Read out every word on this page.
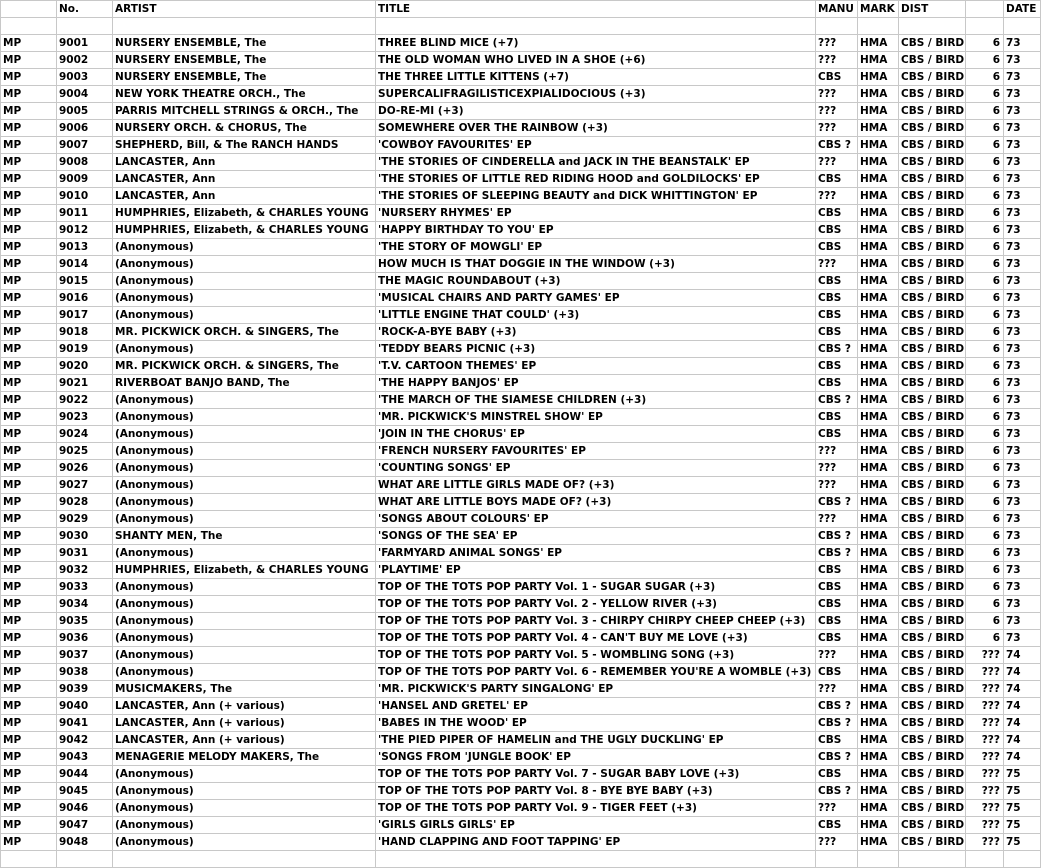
	No.	ARTIST	TITLE	MANU	MARK	DIST		DATE

MP	9001	NURSERY ENSEMBLE, The	THREE BLIND MICE (+7)	???	HMA	CBS / BIRD	6	73
MP	9002	NURSERY ENSEMBLE, The	THE OLD WOMAN WHO LIVED IN A SHOE (+6)	???	HMA	CBS / BIRD	6	73
MP	9003	NURSERY ENSEMBLE, The	THE THREE LITTLE KITTENS (+7)	CBS	HMA	CBS / BIRD	6	73
MP	9004	NEW YORK THEATRE ORCH., The	SUPERCALIFRAGILISTICEXPIALIDOCIOUS (+3)	???	HMA	CBS / BIRD	6	73
MP	9005	PARRIS MITCHELL STRINGS & ORCH., The	DO-RE-MI (+3)	???	HMA	CBS / BIRD	6	73
MP	9006	NURSERY ORCH. & CHORUS, The	SOMEWHERE OVER THE RAINBOW (+3)	???	HMA	CBS / BIRD	6	73
MP	9007	SHEPHERD, Bill, & The RANCH HANDS	'COWBOY FAVOURITES' EP	CBS ?	HMA	CBS / BIRD	6	73
MP	9008	LANCASTER, Ann	'THE STORIES OF CINDERELLA and JACK IN THE BEANSTALK' EP	???	HMA	CBS / BIRD	6	73
MP	9009	LANCASTER, Ann	'THE STORIES OF LITTLE RED RIDING HOOD and GOLDILOCKS' EP	CBS	HMA	CBS / BIRD	6	73
MP	9010	LANCASTER, Ann	'THE STORIES OF SLEEPING BEAUTY and DICK WHITTINGTON' EP	???	HMA	CBS / BIRD	6	73
MP	9011	HUMPHRIES, Elizabeth, & CHARLES YOUNG	'NURSERY RHYMES' EP	CBS	HMA	CBS / BIRD	6	73
MP	9012	HUMPHRIES, Elizabeth, & CHARLES YOUNG	'HAPPY BIRTHDAY TO YOU' EP	CBS	HMA	CBS / BIRD	6	73
MP	9013	(Anonymous)	'THE STORY OF MOWGLI' EP	CBS	HMA	CBS / BIRD	6	73
MP	9014	(Anonymous)	HOW MUCH IS THAT DOGGIE IN THE WINDOW (+3)	???	HMA	CBS / BIRD	6	73
MP	9015	(Anonymous)	THE MAGIC ROUNDABOUT (+3)	CBS	HMA	CBS / BIRD	6	73
MP	9016	(Anonymous)	'MUSICAL CHAIRS AND PARTY GAMES' EP	CBS	HMA	CBS / BIRD	6	73
MP	9017	(Anonymous)	'LITTLE ENGINE THAT COULD' (+3)	CBS	HMA	CBS / BIRD	6	73
MP	9018	MR. PICKWICK ORCH. & SINGERS, The	'ROCK-A-BYE BABY (+3)	CBS	HMA	CBS / BIRD	6	73
MP	9019	(Anonymous)	'TEDDY BEARS PICNIC (+3)	CBS ?	HMA	CBS / BIRD	6	73
MP	9020	MR. PICKWICK ORCH. & SINGERS, The	'T.V. CARTOON THEMES' EP	CBS	HMA	CBS / BIRD	6	73
MP	9021	RIVERBOAT BANJO BAND, The	'THE HAPPY BANJOS' EP	CBS	HMA	CBS / BIRD	6	73
MP	9022	(Anonymous)	'THE MARCH OF THE SIAMESE CHILDREN (+3)	CBS ?	HMA	CBS / BIRD	6	73
MP	9023	(Anonymous)	'MR. PICKWICK'S MINSTREL SHOW' EP	CBS	HMA	CBS / BIRD	6	73
MP	9024	(Anonymous)	'JOIN IN THE CHORUS' EP	CBS	HMA	CBS / BIRD	6	73
MP	9025	(Anonymous)	'FRENCH NURSERY FAVOURITES' EP	???	HMA	CBS / BIRD	6	73
MP	9026	(Anonymous)	'COUNTING SONGS' EP	???	HMA	CBS / BIRD	6	73
MP	9027	(Anonymous)	WHAT ARE LITTLE GIRLS MADE OF? (+3)	???	HMA	CBS / BIRD	6	73
MP	9028	(Anonymous)	WHAT ARE LITTLE BOYS MADE OF? (+3)	CBS ?	HMA	CBS / BIRD	6	73
MP	9029	(Anonymous)	'SONGS ABOUT COLOURS' EP	???	HMA	CBS / BIRD	6	73
MP	9030	SHANTY MEN, The	'SONGS OF THE SEA' EP	CBS ?	HMA	CBS / BIRD	6	73
MP	9031	(Anonymous)	'FARMYARD ANIMAL SONGS' EP	CBS ?	HMA	CBS / BIRD	6	73
MP	9032	HUMPHRIES, Elizabeth, & CHARLES YOUNG	'PLAYTIME' EP	CBS	HMA	CBS / BIRD	6	73
MP	9033	(Anonymous)	TOP OF THE TOTS POP PARTY Vol. 1 - SUGAR SUGAR (+3)	CBS	HMA	CBS / BIRD	6	73
MP	9034	(Anonymous)	TOP OF THE TOTS POP PARTY Vol. 2 - YELLOW RIVER (+3)	CBS	HMA	CBS / BIRD	6	73
MP	9035	(Anonymous)	TOP OF THE TOTS POP PARTY Vol. 3 - CHIRPY CHIRPY CHEEP CHEEP (+3)	CBS	HMA	CBS / BIRD	6	73
MP	9036	(Anonymous)	TOP OF THE TOTS POP PARTY Vol. 4 - CAN'T BUY ME LOVE (+3)	CBS	HMA	CBS / BIRD	6	73
MP	9037	(Anonymous)	TOP OF THE TOTS POP PARTY Vol. 5 - WOMBLING SONG (+3)	???	HMA	CBS / BIRD	???	74
MP	9038	(Anonymous)	TOP OF THE TOTS POP PARTY Vol. 6 - REMEMBER YOU'RE A WOMBLE (+3)	CBS	HMA	CBS / BIRD	???	74
MP	9039	MUSICMAKERS, The	'MR. PICKWICK'S PARTY SINGALONG' EP	???	HMA	CBS / BIRD	???	74
MP	9040	LANCASTER, Ann (+ various)	'HANSEL AND GRETEL' EP	CBS ?	HMA	CBS / BIRD	???	74
MP	9041	LANCASTER, Ann (+ various)	'BABES IN THE WOOD' EP	CBS ?	HMA	CBS / BIRD	???	74
MP	9042	LANCASTER, Ann (+ various)	'THE PIED PIPER OF HAMELIN and THE UGLY DUCKLING' EP	CBS	HMA	CBS / BIRD	???	74
MP	9043	MENAGERIE MELODY MAKERS, The	'SONGS FROM 'JUNGLE BOOK' EP	CBS ?	HMA	CBS / BIRD	???	74
MP	9044	(Anonymous)	TOP OF THE TOTS POP PARTY Vol. 7 - SUGAR BABY LOVE (+3)	CBS	HMA	CBS / BIRD	???	75
MP	9045	(Anonymous)	TOP OF THE TOTS POP PARTY Vol. 8 - BYE BYE BABY (+3)	CBS ?	HMA	CBS / BIRD	???	75
MP	9046	(Anonymous)	TOP OF THE TOTS POP PARTY Vol. 9 - TIGER FEET (+3)	???	HMA	CBS / BIRD	???	75
MP	9047	(Anonymous)	'GIRLS GIRLS GIRLS' EP	CBS	HMA	CBS / BIRD	???	75
MP	9048	(Anonymous)	'HAND CLAPPING AND FOOT TAPPING' EP	???	HMA	CBS / BIRD	???	75
